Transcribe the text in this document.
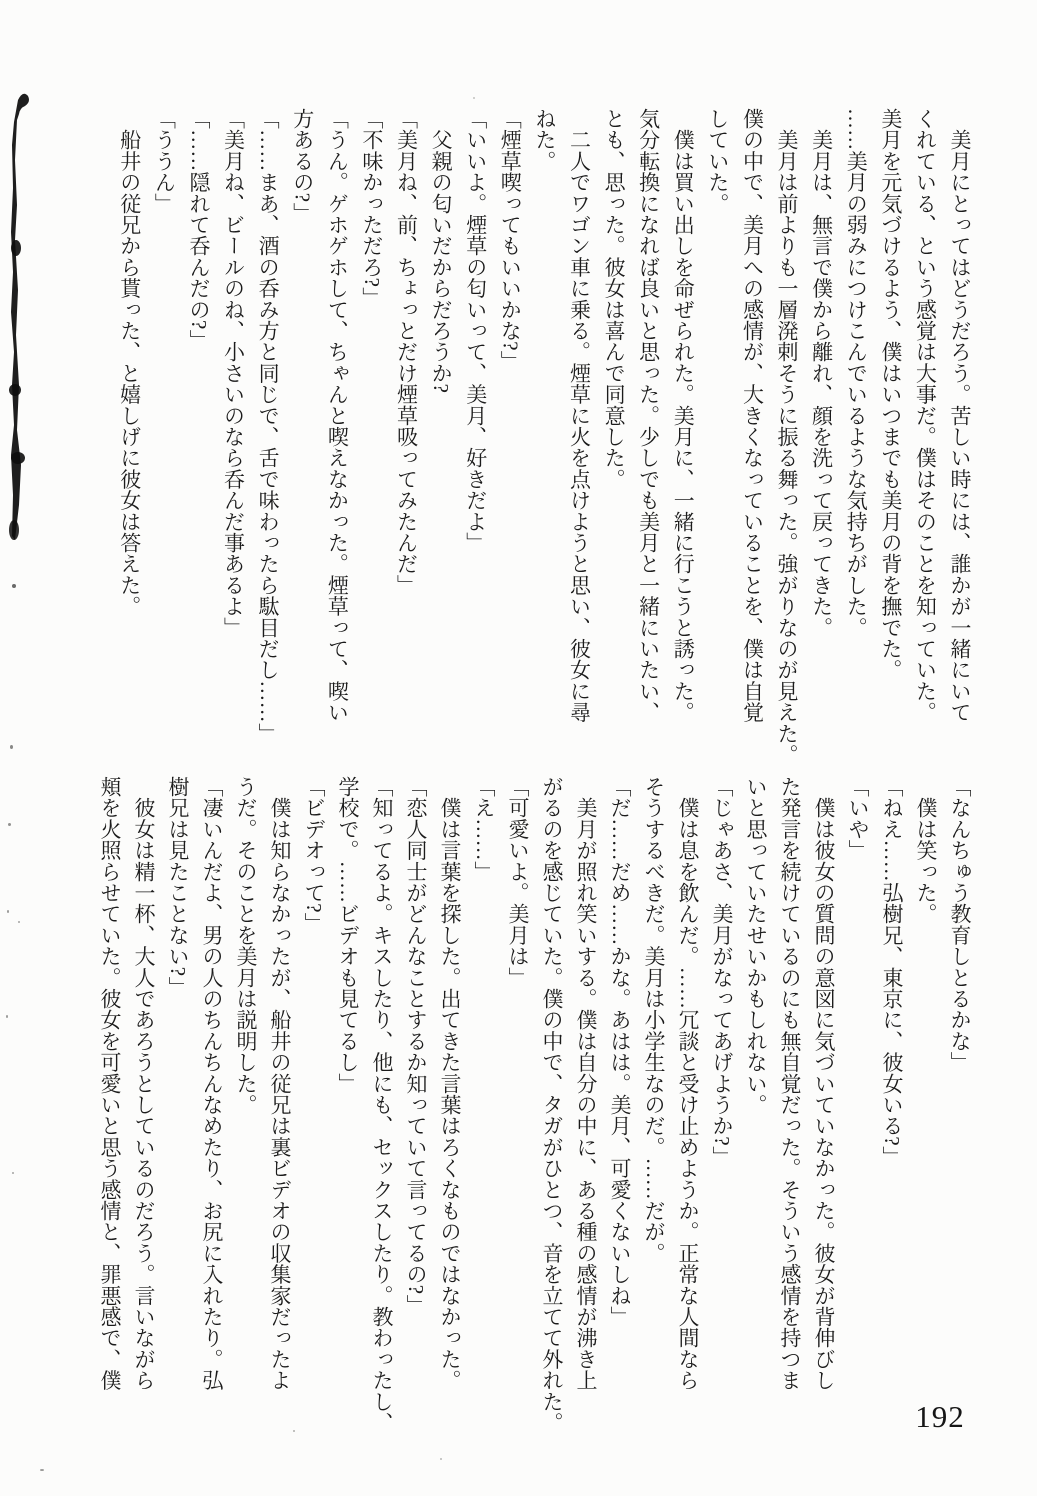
　美月にとってはどうだろう。苦しい時には、誰かが一緒にいて
くれている、という感覚は大事だ。僕はそのことを知っていた。
美月を元気づけるよう、僕はいつまでも美月の背を撫でた。
……美月の弱みにつけこんでいるような気持ちがした。
　美月は、無言で僕から離れ、顔を洗って戻ってきた。
　美月は前よりも一層溌剌そうに振る舞った。強がりなのが見えた。
僕の中で、美月への感情が、大きくなっていることを、僕は自覚
していた。
　僕は買い出しを命ぜられた。美月に、一緒に行こうと誘った。
気分転換になれば良いと思った。少しでも美月と一緒にいたい、
とも、思った。彼女は喜んで同意した。
　二人でワゴン車に乗る。煙草に火を点けようと思い、彼女に尋
ねた。
「煙草喫ってもいいかな?」
「いいよ。煙草の匂いって、美月、好きだよ」
　父親の匂いだからだろうか?
「美月ね、前、ちょっとだけ煙草吸ってみたんだ」
「不味かっただろ?」
「うん。ゲホゲホして、ちゃんと喫えなかった。煙草って、喫い
方あるの?」
「……まあ、酒の呑み方と同じで、舌で味わったら駄目だし……」
「美月ね、ビールのね、小さいのなら呑んだ事あるよ」
「……隠れて呑んだの?」
「ううん」
　船井の従兄から貰った、と嬉しげに彼女は答えた。
「なんちゅう教育しとるかな」
　僕は笑った。
「ねえ……弘樹兄、東京に、彼女いる?」
「いや」
　僕は彼女の質問の意図に気づいていなかった。彼女が背伸びし
た発言を続けているのにも無自覚だった。そういう感情を持つま
いと思っていたせいかもしれない。
「じゃあさ、美月がなってあげようか?」
　僕は息を飲んだ。……冗談と受け止めようか。正常な人間なら
そうするべきだ。美月は小学生なのだ。……だが。
「だ……だめ……かな。あはは。美月、可愛くないしね」
　美月が照れ笑いする。僕は自分の中に、ある種の感情が沸き上
がるのを感じていた。僕の中で、タガがひとつ、音を立てて外れた。
「可愛いよ。美月は」
「え……」
　僕は言葉を探した。出てきた言葉はろくなものではなかった。
「恋人同士がどんなことするか知っていて言ってるの?」
「知ってるよ。キスしたり、他にも、セックスしたり。教わったし、
学校で。……ビデオも見てるし」
「ビデオって?」
　僕は知らなかったが、船井の従兄は裏ビデオの収集家だったよ
うだ。そのことを美月は説明した。
「凄いんだよ、男の人のちんちんなめたり、お尻に入れたり。弘
樹兄は見たことない?」
　彼女は精一杯、大人であろうとしているのだろう。言いながら
頬を火照らせていた。彼女を可愛いと思う感情と、罪悪感で、僕
192
